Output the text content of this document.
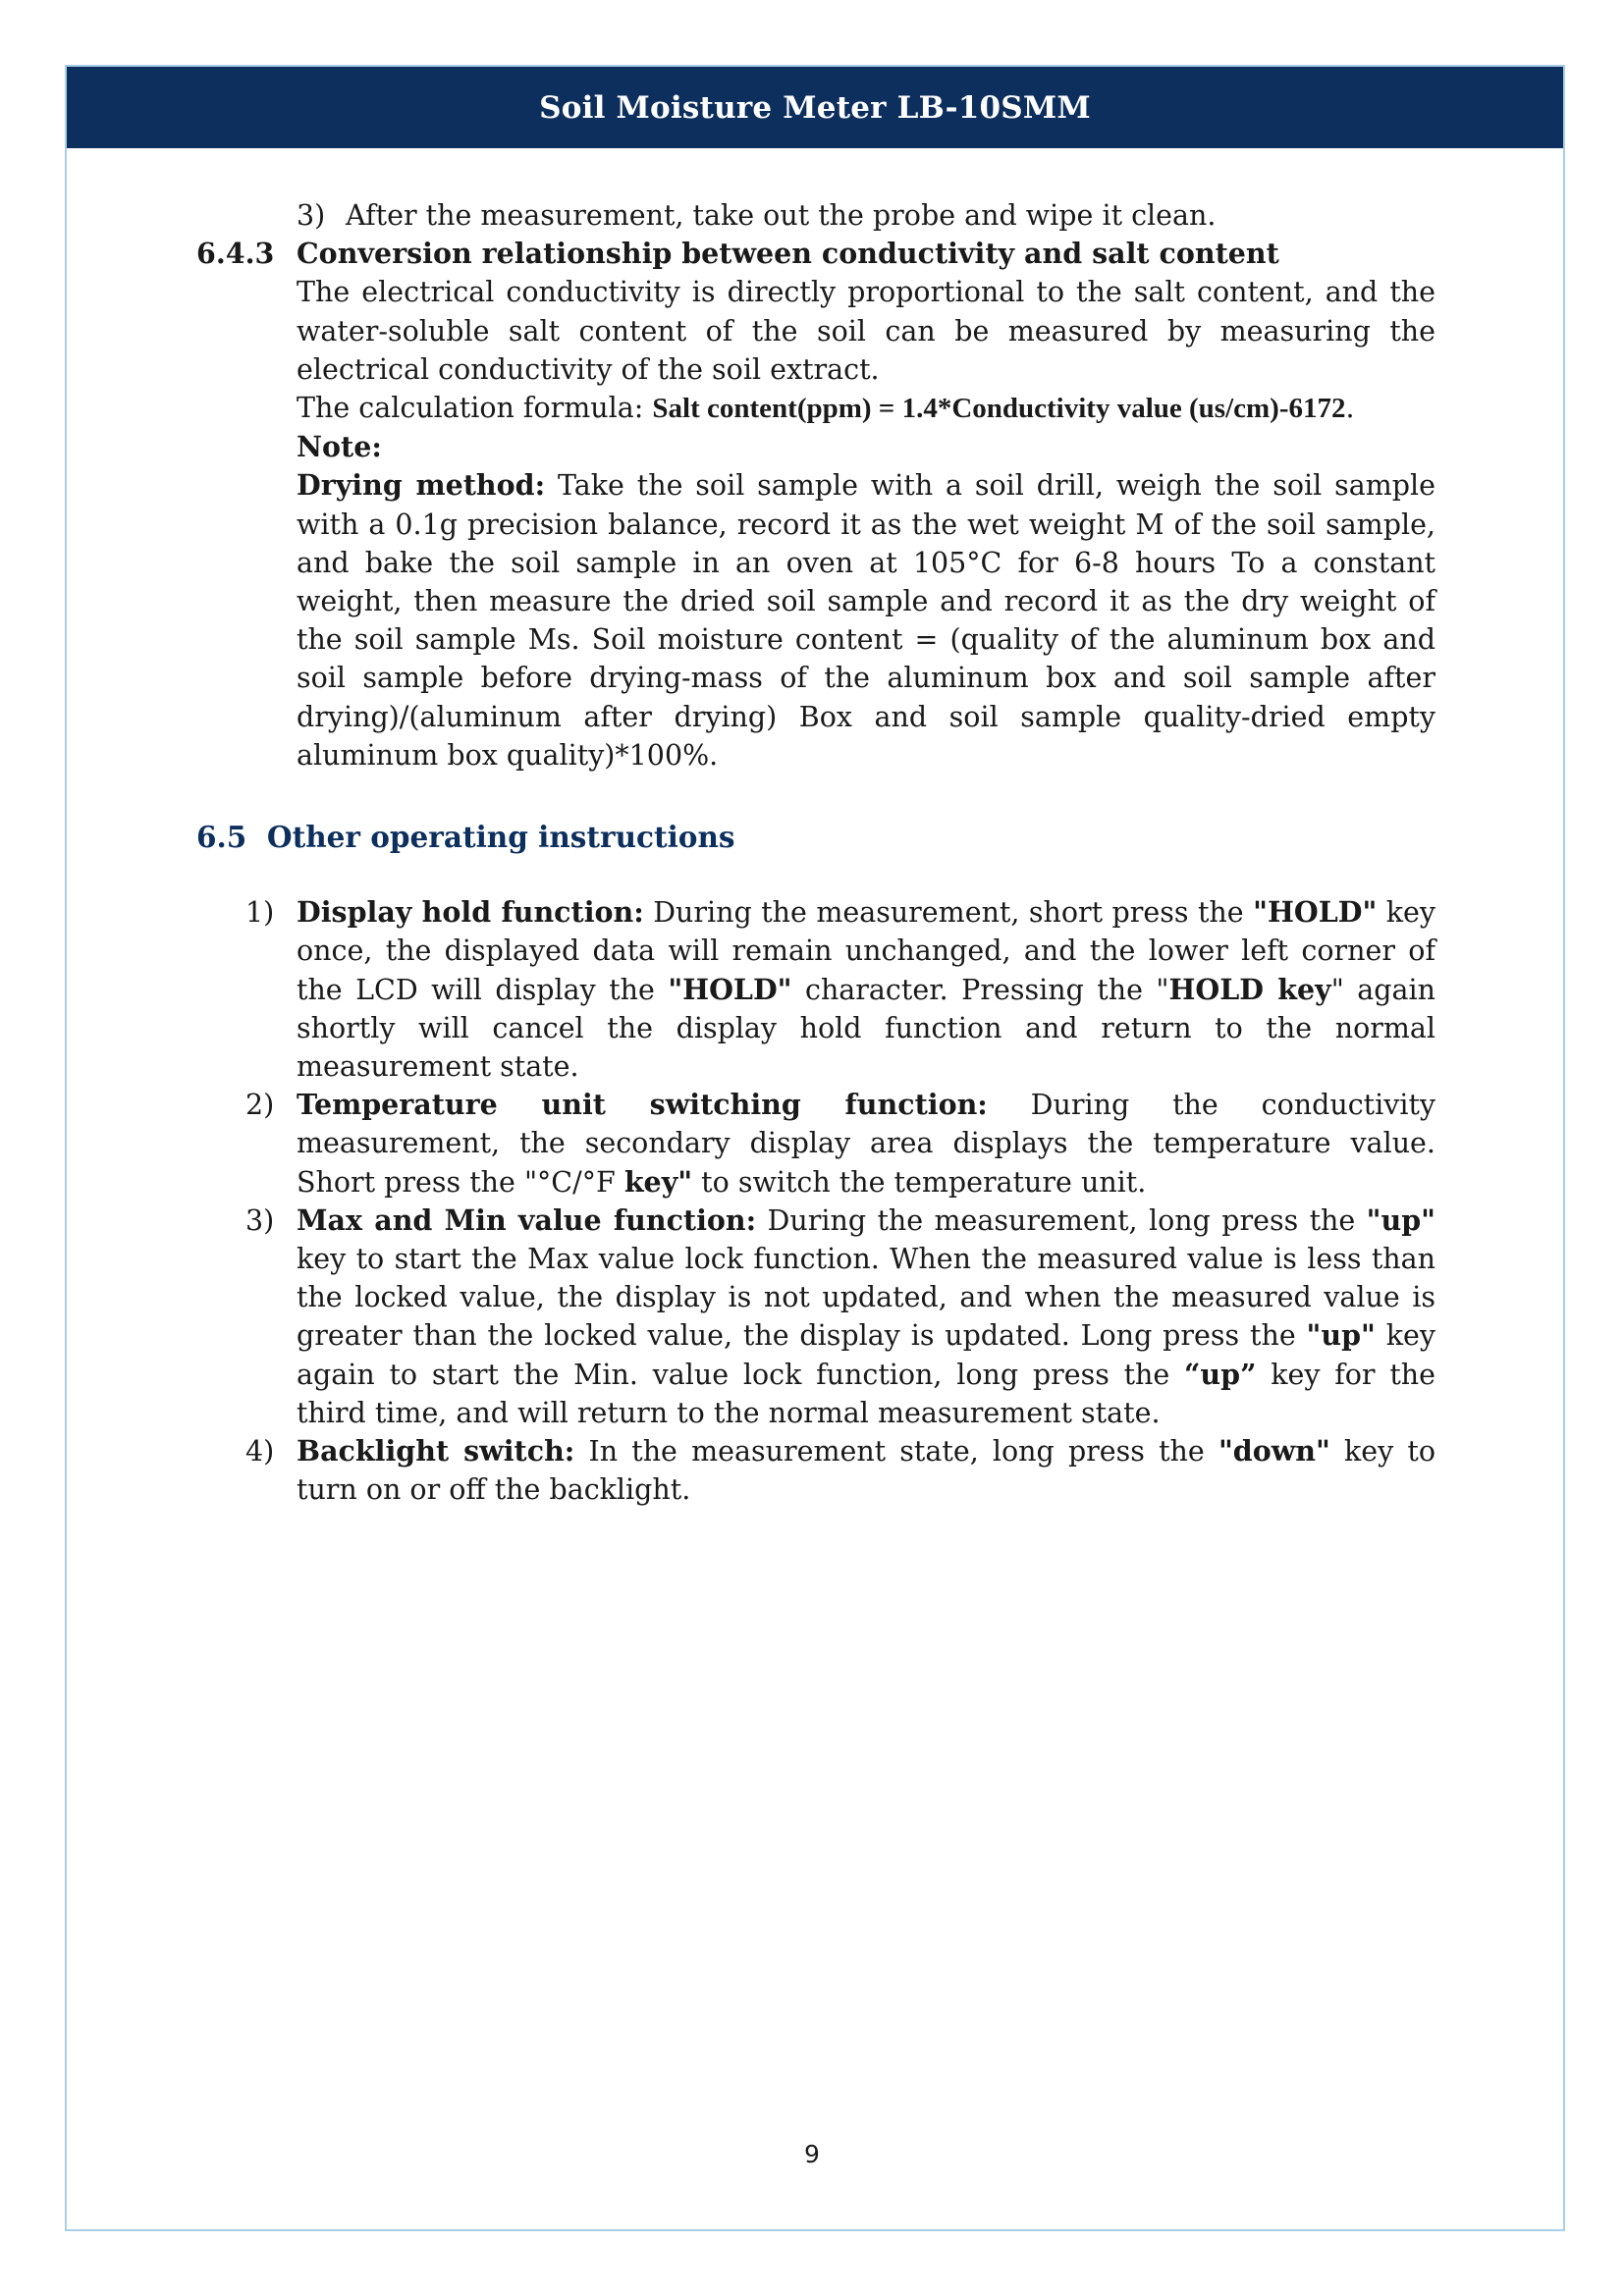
Soil Moisture Meter LB-10SMM
3) After the measurement, take out the probe and wipe it clean.
6.4.3 Conversion relationship between conductivity and salt content
The electrical conductivity is directly proportional to the salt content, and the water-soluble salt content of the soil can be measured by measuring the electrical conductivity of the soil extract.
The calculation formula: Salt content(ppm) = 1.4*Conductivity value (us/cm)-6172.
Note:
Drying method: Take the soil sample with a soil drill, weigh the soil sample with a 0.1g precision balance, record it as the wet weight M of the soil sample, and bake the soil sample in an oven at 105°C for 6-8 hours To a constant weight, then measure the dried soil sample and record it as the dry weight of the soil sample Ms. Soil moisture content = (quality of the aluminum box and soil sample before drying-mass of the aluminum box and soil sample after drying)/(aluminum after drying) Box and soil sample quality-dried empty aluminum box quality)*100%.
6.5 Other operating instructions
1) Display hold function: During the measurement, short press the "HOLD" key once, the displayed data will remain unchanged, and the lower left corner of the LCD will display the "HOLD" character. Pressing the "HOLD key" again shortly will cancel the display hold function and return to the normal measurement state.
2) Temperature unit switching function: During the conductivity measurement, the secondary display area displays the temperature value. Short press the "°C/°F key" to switch the temperature unit.
3) Max and Min value function: During the measurement, long press the "up" key to start the Max value lock function. When the measured value is less than the locked value, the display is not updated, and when the measured value is greater than the locked value, the display is updated. Long press the "up" key again to start the Min. value lock function, long press the “up” key for the third time, and will return to the normal measurement state.
4) Backlight switch: In the measurement state, long press the "down" key to turn on or off the backlight.
9
